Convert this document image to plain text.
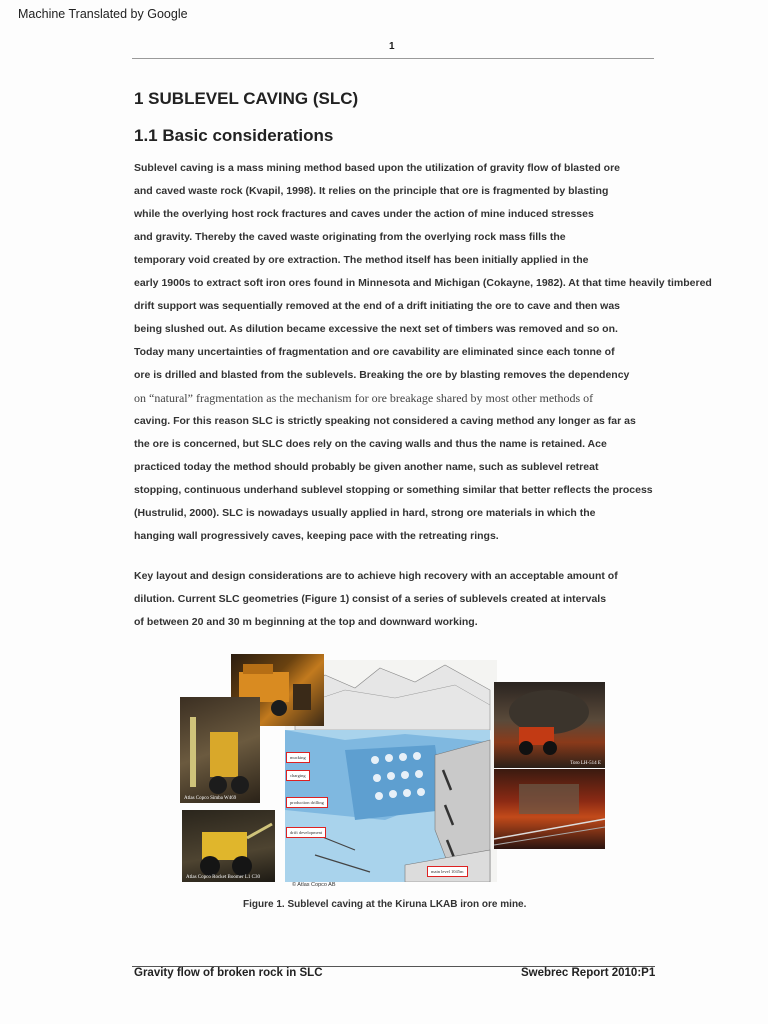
Machine Translated by Google
1
1 SUBLEVEL CAVING (SLC)
1.1 Basic considerations
Sublevel caving is a mass mining method based upon the utilization of gravity flow of blasted ore
and caved waste rock (Kvapil, 1998). It relies on the principle that ore is fragmented by blasting
while the overlying host rock fractures and caves under the action of mine induced stresses
and gravity. Thereby the caved waste originating from the overlying rock mass fills the
temporary void created by ore extraction. The method itself has been initially applied in the
early 1900s to extract soft iron ores found in Minnesota and Michigan (Cokayne, 1982). At that time heavily timbered
drift support was sequentially removed at the end of a drift initiating the ore to cave and then was
being slushed out. As dilution became excessive the next set of timbers was removed and so on.
Today many uncertainties of fragmentation and ore cavability are eliminated since each tonne of
ore is drilled and blasted from the sublevels. Breaking the ore by blasting removes the dependency
on “natural” fragmentation as the mechanism for ore breakage shared by most other methods of
caving. For this reason SLC is strictly speaking not considered a caving method any longer as far as
the ore is concerned, but SLC does rely on the caving walls and thus the name is retained. Ace
practiced today the method should probably be given another name, such as sublevel retreat
stopping, continuous underhand sublevel stopping or something similar that better reflects the process
(Hustrulid, 2000). SLC is nowadays usually applied in hard, strong ore materials in which the
hanging wall progressively caves, keeping pace with the retreating rings.
Key layout and design considerations are to achieve high recovery with an acceptable amount of
dilution. Current SLC geometries (Figure 1) consist of a series of sublevels created at intervals
of between 20 and 30 m beginning at the top and downward working.
mucking
charging
production drilling
drift development
main level 1045m
Atlas Copco Simba W469
Atlas Copco Rocket Boomer L1 C30
Toro LH-514 E
© Atlas Copco AB
Figure 1. Sublevel caving at the Kiruna LKAB iron ore mine.
Gravity flow of broken rock in SLC	Swebrec Report 2010:P1
